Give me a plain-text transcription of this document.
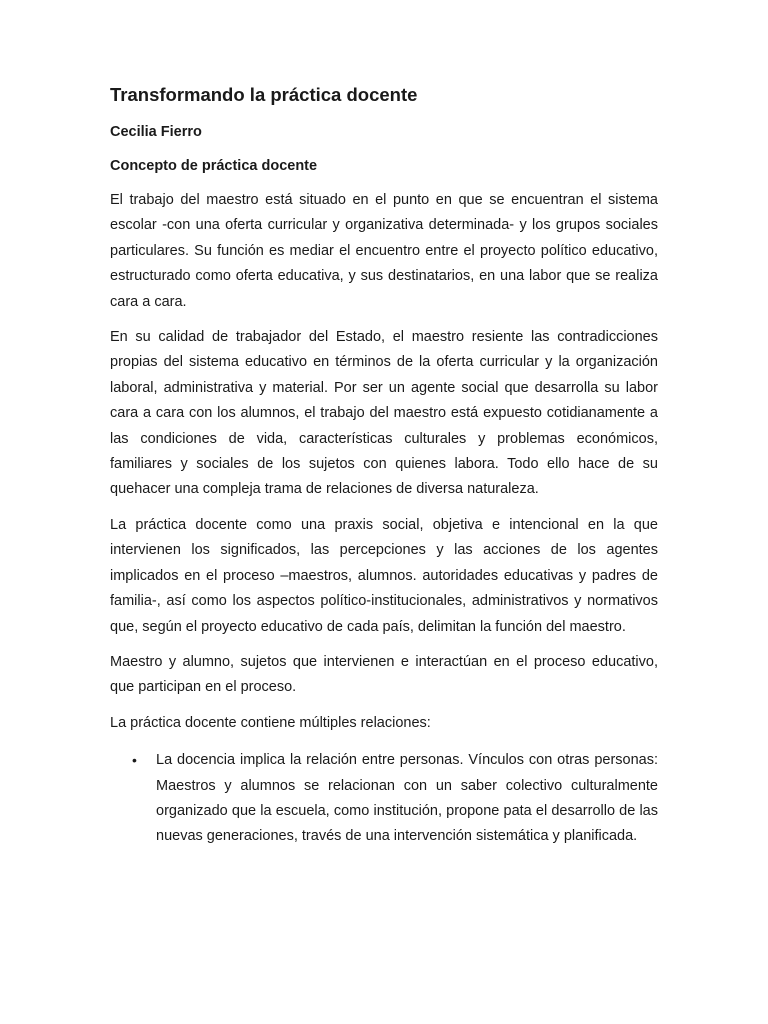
Transformando la práctica docente
Cecilia Fierro
Concepto de práctica docente

El trabajo del maestro está situado en el punto en que se encuentran el sistema escolar -con una oferta curricular y organizativa determinada- y los grupos sociales particulares. Su función es mediar el encuentro entre el proyecto político educativo, estructurado como oferta educativa, y sus destinatarios, en una labor que se realiza cara a cara.

En su calidad de trabajador del Estado, el maestro resiente las contradicciones propias del sistema educativo en términos de la oferta curricular y la organización laboral, administrativa y material. Por ser un agente social que desarrolla su labor cara a cara con los alumnos, el trabajo del maestro está expuesto cotidianamente a las condiciones de vida, características culturales y problemas económicos, familiares y sociales de los sujetos con quienes labora. Todo ello hace de su quehacer una compleja trama de relaciones de diversa naturaleza.

La práctica docente como una praxis social, objetiva e intencional en la que intervienen los significados, las percepciones y las acciones de los agentes implicados en el proceso –maestros, alumnos. autoridades educativas y padres de familia-, así como los aspectos político-institucionales, administrativos y normativos que, según el proyecto educativo de cada país, delimitan la función del maestro.

Maestro y alumno, sujetos que intervienen e interactúan en el proceso educativo, que participan en el proceso.

La práctica docente contiene múltiples relaciones:

• La docencia implica la relación entre personas. Vínculos con otras personas: Maestros y alumnos se relacionan con un saber colectivo culturalmente organizado que la escuela, como institución, propone pata el desarrollo de las nuevas generaciones, través de una intervención sistemática y planificada.
